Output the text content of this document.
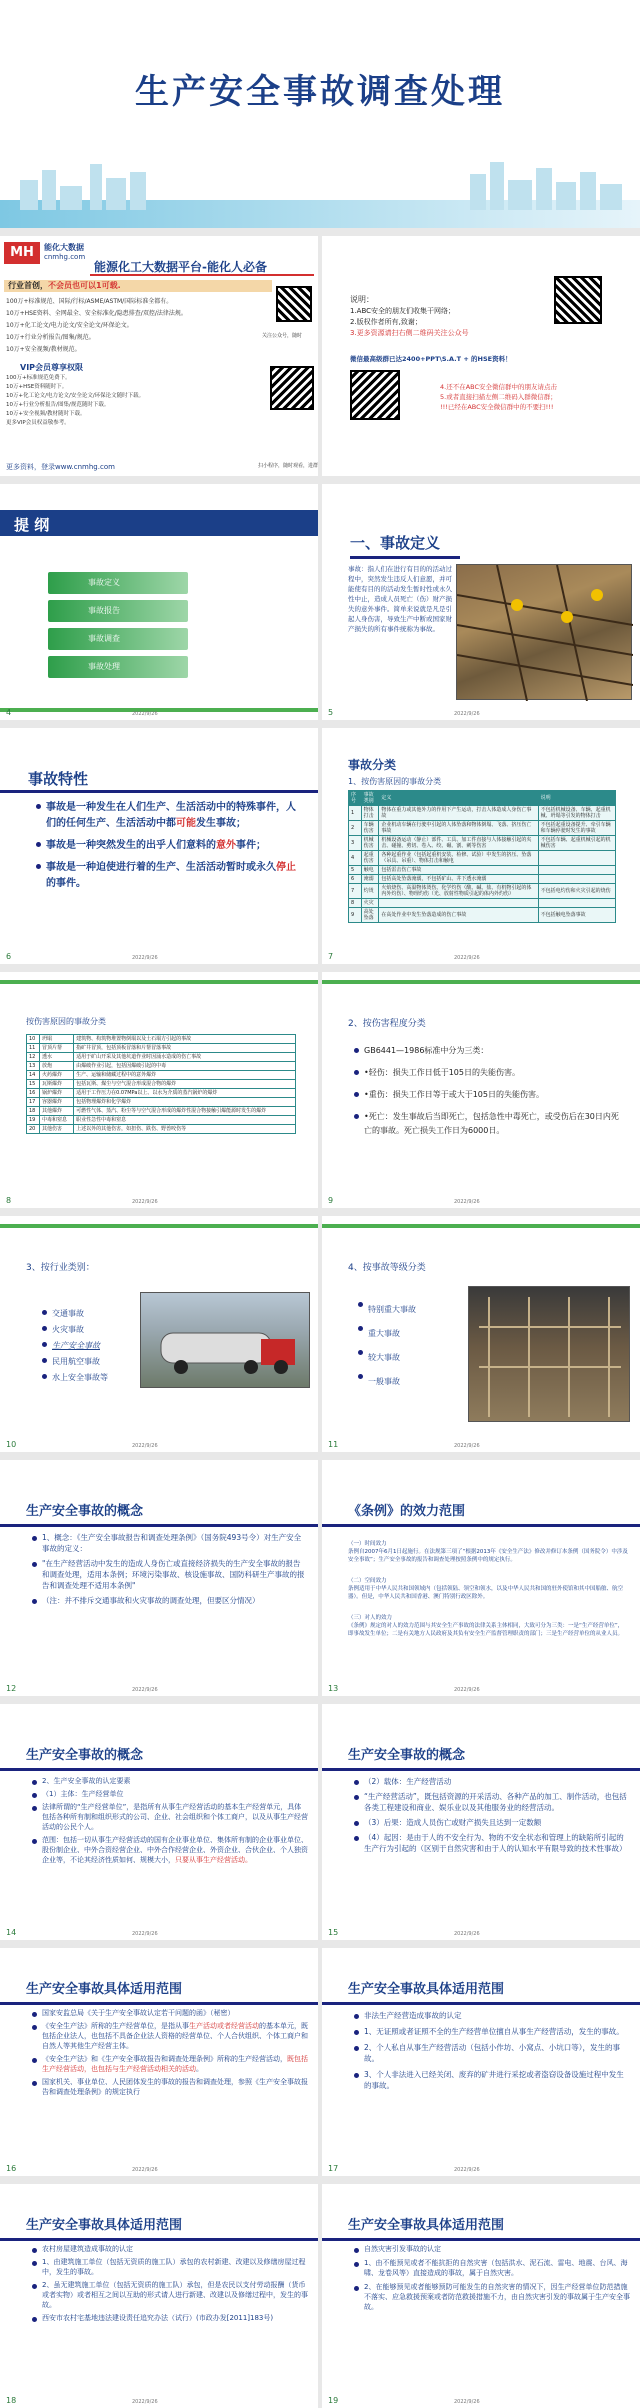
生产安全事故调查处理
MH	能化大数据
cnmhg.com
能源化工大数据平台-能化人必备
行业首创，不会员也可以1可载.
100万+标准规范、国际/行标/ASME/ASTM/国际标准全都有。
10万+HSE资料、全网最全、安全标准化/隐患排查/双控/法律法规。
10万+化工论文/电力论文/安全论文/环保论文。
10万+行业分析报告/图集/规范。
10万+安全视频/教材规范。
VIP会员尊享权限
100万+标准规范免费下。
10万+HSE资料随时下。
10万+化工论文/电力论文/安全论文/环保论文随时下载。
10万+行业分析报告/图集/规范随时下载。
10万+安全视频/教材随时下载。
更多VIP会员权益敬参考。
更多资料，登录www.cnmhg.com
关注公众号，随时
扫小程序，随时观看，进群
说明：
1.ABC安全的朋友们收集干网络；
2.版权作者所有,致谢；
3.更多资源请扫右侧二维码关注公众号
微信最高级群已达2400+PPT\S.A.T + 的HSE资料！
4.还不在ABC安全微信群中的朋友请点击
5.或者直接扫描左侧二维码入群微信群；
!!!已经在ABC安全微信群中的不要扫!!!
提 纲
事故定义
事故报告
事故调查
事故处理
4	2022/9/26
一、事故定义
事故：指人们在进行有目的的活动过程中，突然发生违反人们意愿，并可能使有目的的活动发生暂时性或永久性中止，造成人员死亡（伤）财产损失的意外事件。简单来说就是凡是引起人身伤害，导致生产中断或国家财产损失的所有事件统称为事故。
5	2022/9/26
事故特性
事故是一种发生在人们生产、生活活动中的特殊事件，人们的任何生产、生活活动中都可能发生事故；
事故是一种突然发生的出乎人们意料的意外事件；
事故是一种迫使进行着的生产、生活活动暂时或永久停止的事件。
6	2022/9/26
事故分类
1、按伤害原因的事故分类
序号	事故类别	定义	说明
1	物体打击	物体在重力或其他外力的作用下产生运动，打击人体造成人身伤亡事故	不包括机械设备、车辆、起重机械、坍塌等引发的物体打击
2	车辆伤害	企业机动车辆在行驶中引起的人体坠落和物体倒塌、飞落、挤压伤亡事故	不包括起重设备提升、牵引车辆和车辆停驶时发生的事故
3	机械伤害	机械设备运动（静止）部件、工具、加工件直接与人体接触引起的夹击、碰撞、剪切、卷入、绞、碾、割、刺等伤害	不包括车辆、起重机械引起的机械伤害
4	起重伤害	各种起重作业（包括起重机安装、检修、试验）中发生的挤压、坠落（吊具、吊重）、物体打击和触电	
5	触电	包括雷击伤亡事故	
6	淹溺	包括高处坠落淹溺，不包括矿山、井下透水淹溺	
7	灼烫	火焰烧伤、高温物体烫伤、化学灼伤（酸、碱、盐、有机物引起的体内外灼伤）、物理灼伤（光、放射性物质引起的体内外灼伤）	不包括电灼伤和火灾引起的烧伤
8	火灾		
9	高处坠落	在高处作业中发生坠落造成的伤亡事故	不包括触电坠落事故
7	2022/9/26
按伤害原因的事故分类
10	坍塌	建筑物、构筑物堆置物倒塌以及土石塌方引起的事故
11	冒顶片帮	指矿井冒顶，包括顶板冒落和片帮冒落事故
12	透水	适用于矿山开采及其他坑道作业时因涌水造成的伤亡事故
13	放炮	由爆破作业引起，包括因爆破引起的中毒
14	火药爆炸	生产、运输和储藏过程中的意外爆炸
15	瓦斯爆炸	包括瓦斯、煤尘与空气混合形成混合物的爆炸
16	锅炉爆炸	适用于工作压力在0.07MPa以上、以水为介质的蒸汽锅炉的爆炸
17	容器爆炸	包括物理爆炸和化学爆炸
18	其他爆炸	可燃性气体、蒸汽、粉尘等与空气混合形成的爆炸性混合物接触引爆能源时发生的爆炸
19	中毒和窒息	职业性急性中毒和窒息
20	其他伤害	上述以外的其他伤害，如扭伤、跌伤、野兽咬伤等
8	2022/9/26
2、按伤害程度分类
GB6441—1986标准中分为三类：
•轻伤：损失工作日低于105日的失能伤害。
•重伤：损失工作日等于或大于105日的失能伤害。
•死亡：发生事故后当即死亡，包括急性中毒死亡，或受伤后在30日内死亡的事故。死亡损失工作日为6000日。
9	2022/9/26
3、按行业类别：
交通事故
火灾事故
生产安全事故
民用航空事故
水上安全事故等
10	2022/9/26
4、按事故等级分类
特别重大事故
重大事故
较大事故
一般事故
11	2022/9/26
生产安全事故的概念
1、概念：《生产安全事故报告和调查处理条例》（国务院493号令）对生产安全事故的定义：
"在生产经营活动中发生的造成人身伤亡或直接经济损失的生产安全事故的报告和调查处理，适用本条例；环境污染事故、核设施事故、国防科研生产事故的报告和调查处理不适用本条例"
（注：并不排斥交通事故和火灾事故的调查处理，但要区分情况）
12	2022/9/26
《条例》的效力范围

（一）时间效力
条例自2007年6月1日起施行。在法规第三项了“根据2013年《安全生产法》修改并修订本条例（国务院令）中涉及安全事故”；生产安全事故的报告和调查处理按照条例中的规定执行。

（二）空间效力
条例适用于中华人民共和国领域内（包括领陆、领空和领水，以及中华人民共和国的驻外使馆和其中国船舶、航空器）。但是，中华人民共和国香港、澳门特别行政区除外。

（三）对人的效力
《条例》规定的对人的效力范围与其安全生产事故的法律关系主体相同，大致可分为三类：一是“生产经营单位”，即事故发生单位；二是有关地方人民政府及其负有安全生产监督管理职责的部门；三是生产经营单位的从业人员。

13	2022/9/26
生产安全事故的概念
2、生产安全事故的认定要素
（1）主体：生产经营单位
法律所谓的“生产经营单位”，是指所有从事生产经营活动的基本生产经营单元，具体包括各种所有制和组织形式的公司、企业、社会组织和个体工商户，以及从事生产经营活动的公民个人。
范围：包括一切从事生产经营活动的国有企业事业单位、集体所有制的企业事业单位、股份制企业、中外合资经营企业、中外合作经营企业、外资企业、合伙企业、个人独资企业等，不论其经济性质如何、规模大小，只要从事生产经营活动。
14	2022/9/26
生产安全事故的概念
（2）载体：生产经营活动
“生产经营活动”，既包括资源的开采活动、各种产品的加工、制作活动，也包括各类工程建设和商业、娱乐业以及其他服务业的经营活动。
（3）后果：造成人员伤亡或财产损失且达到一定数额
（4）起因：是由于人的不安全行为、物的不安全状态和管理上的缺陷所引起的生产行为引起的（区别于自然灾害和由于人的认知水平有限导致的技术性事故）
15	2022/9/26
生产安全事故具体适用范围
国家安监总局《关于生产安全事故认定若干问题的函》（秘密）
《安全生产法》所称的生产经营单位，是指从事生产活动或者经营活动的基本单元，既包括企业法人，也包括不具备企业法人资格的经营单位、个人合伙组织、个体工商户和自然人等其他生产经营主体。
《安全生产法》和《生产安全事故报告和调查处理条例》所称的生产经营活动，既包括生产经营活动，也包括与生产经营活动相关的活动。
国家机关、事业单位、人民团体发生的事故的报告和调查处理，参照《生产安全事故报告和调查处理条例》的规定执行
16	2022/9/26
生产安全事故具体适用范围
非法生产经营造成事故的认定
1、无证照或者证照不全的生产经营单位擅自从事生产经营活动，发生的事故。
2、个人私自从事生产经营活动（包括小作坊、小窝点、小坑口等），发生的事故。
3、个人非法进入已经关闭、废弃的矿井进行采挖或者盗窃设备设施过程中发生的事故。
17	2022/9/26
生产安全事故具体适用范围
农村房屋建筑造成事故的认定
1、由建筑施工单位（包括无资质的施工队）承包的农村新建、改建以及修缮房屋过程中，发生的事故。
2、虽无建筑施工单位（包括无资质的施工队）承包，但是农民以支付劳动报酬（货币或者实物）或者相互之间以互助的形式请人进行新建、改建以及修缮过程中，发生的事故。
西安市农村宅基地违法建设责任追究办法（试行）(市政办发[2011]183号)
18	2022/9/26
生产安全事故具体适用范围
自然灾害引发事故的认定
1、由不能预见或者不能抗拒的自然灾害（包括洪水、泥石流、雷电、地震、台风、海啸、龙卷风等）直接造成的事故，属于自然灾害。
2、在能够预见或者能够预防可能发生的自然灾害的情况下，因生产经营单位防范措施不落实、应急救援预案或者防范救援措施不力，由自然灾害引发的事故属于生产安全事故。
19	2022/9/26
